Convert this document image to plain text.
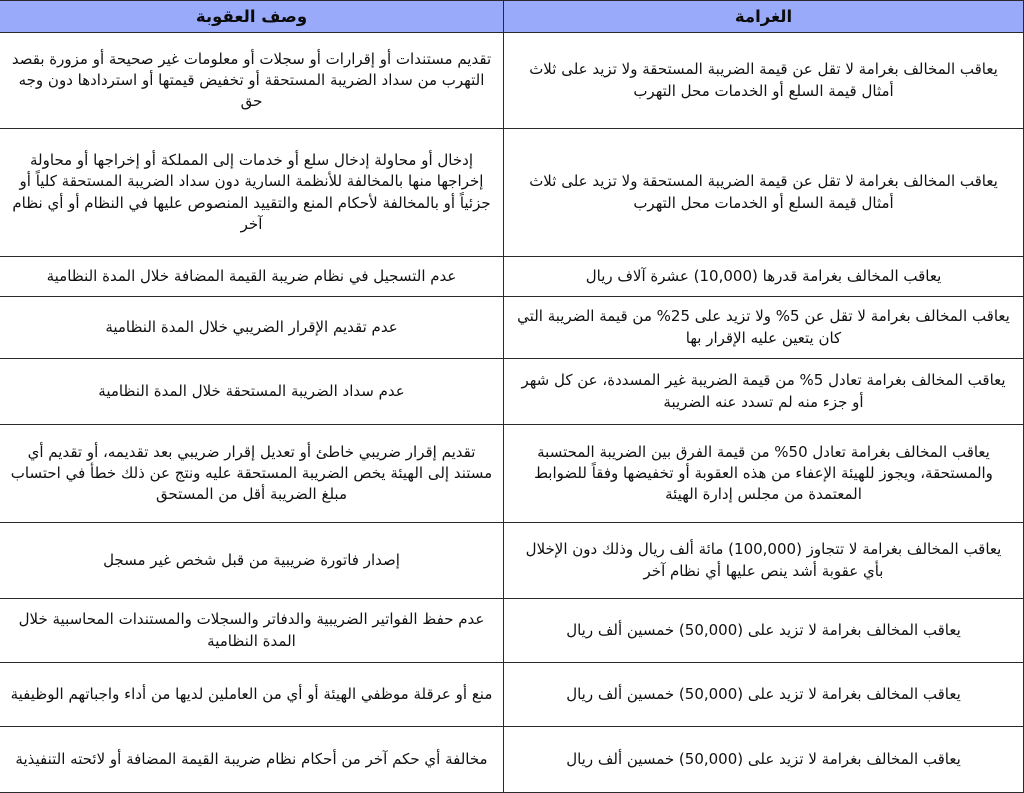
الغرامة	وصف العقوبة
يعاقب المخالف بغرامة لا تقل عن قيمة الضريبة المستحقة ولا تزيد على ثلاث أمثال قيمة السلع أو الخدمات محل التهرب	تقديم مستندات أو إقرارات أو سجلات أو معلومات غير صحيحة أو مزورة بقصد التهرب من سداد الضريبة المستحقة أو تخفيض قيمتها أو استردادها دون وجه حق
يعاقب المخالف بغرامة لا تقل عن قيمة الضريبة المستحقة ولا تزيد على ثلاث أمثال قيمة السلع أو الخدمات محل التهرب	إدخال أو محاولة إدخال سلع أو خدمات إلى المملكة أو إخراجها أو محاولة إخراجها منها بالمخالفة للأنظمة السارية دون سداد الضريبة المستحقة كلياً أو جزئياً أو بالمخالفة لأحكام المنع والتقييد المنصوص عليها في النظام أو أي نظام آخر
يعاقب المخالف بغرامة قدرها (10,000) عشرة آلاف ريال	عدم التسجيل في نظام ضريبة القيمة المضافة خلال المدة النظامية
يعاقب المخالف بغرامة لا تقل عن 5% ولا تزيد على 25% من قيمة الضريبة التي كان يتعين عليه الإقرار بها	عدم تقديم الإقرار الضريبي خلال المدة النظامية
يعاقب المخالف بغرامة تعادل 5% من قيمة الضريبة غير المسددة، عن كل شهر أو جزء منه لم تسدد عنه الضريبة	عدم سداد الضريبة المستحقة خلال المدة النظامية
يعاقب المخالف بغرامة تعادل 50% من قيمة الفرق بين الضريبة المحتسبة والمستحقة، ويجوز للهيئة الإعفاء من هذه العقوبة أو تخفيضها وفقاً للضوابط المعتمدة من مجلس إدارة الهيئة	تقديم إقرار ضريبي خاطئ أو تعديل إقرار ضريبي بعد تقديمه، أو تقديم أي مستند إلى الهيئة يخص الضريبة المستحقة عليه ونتج عن ذلك خطأ في احتساب مبلغ الضريبة أقل من المستحق
يعاقب المخالف بغرامة لا تتجاوز (100,000) مائة ألف ريال وذلك دون الإخلال بأي عقوبة أشد ينص عليها أي نظام آخر	إصدار فاتورة ضريبية من قبل شخص غير مسجل
يعاقب المخالف بغرامة لا تزيد على (50,000) خمسين ألف ريال	عدم حفظ الفواتير الضريبية والدفاتر والسجلات والمستندات المحاسبية خلال المدة النظامية
يعاقب المخالف بغرامة لا تزيد على (50,000) خمسين ألف ريال	منع أو عرقلة موظفي الهيئة أو أي من العاملين لديها من أداء واجباتهم الوظيفية
يعاقب المخالف بغرامة لا تزيد على (50,000) خمسين ألف ريال	مخالفة أي حكم آخر من أحكام نظام ضريبة القيمة المضافة أو لائحته التنفيذية
